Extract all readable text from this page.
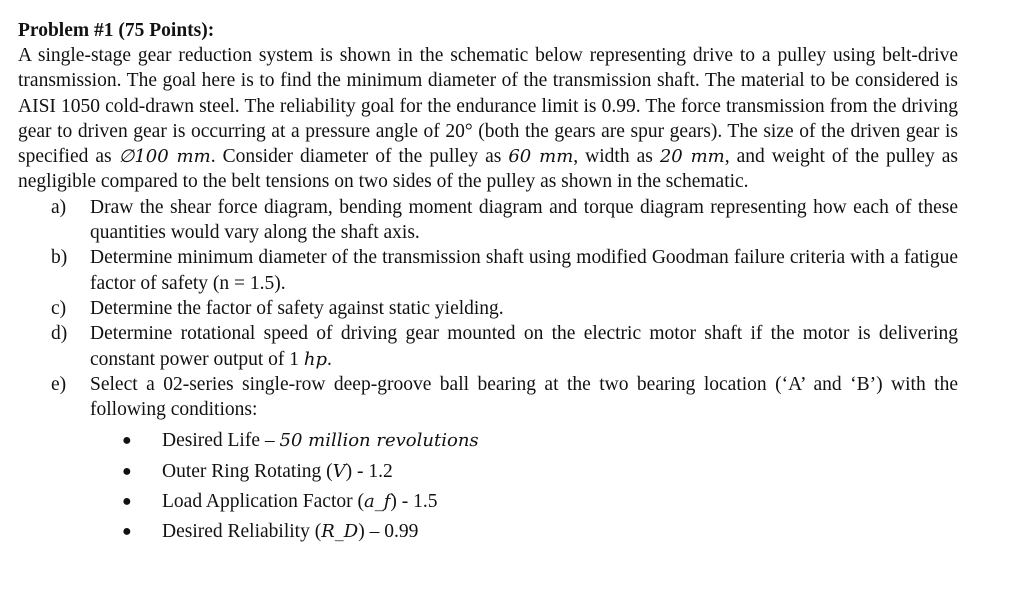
Problem #1 (75 Points):

A single-stage gear reduction system is shown in the schematic below representing drive to a pulley using belt-drive transmission. The goal here is to find the minimum diameter of the transmission shaft. The material to be considered is AISI 1050 cold-drawn steel. The reliability goal for the endurance limit is 0.99. The force transmission from the driving gear to driven gear is occurring at a pressure angle of 20° (both the gears are spur gears). The size of the driven gear is specified as ∅100 mm. Consider diameter of the pulley as 60 mm, width as 20 mm, and weight of the pulley as negligible compared to the belt tensions on two sides of the pulley as shown in the schematic.

a) Draw the shear force diagram, bending moment diagram and torque diagram representing how each of these quantities would vary along the shaft axis.
b) Determine minimum diameter of the transmission shaft using modified Goodman failure criteria with a fatigue factor of safety (n = 1.5).
c) Determine the factor of safety against static yielding.
d) Determine rotational speed of driving gear mounted on the electric motor shaft if the motor is delivering constant power output of 1 hp.
e) Select a 02-series single-row deep-groove ball bearing at the two bearing location (‘A’ and ‘B’) with the following conditions:
● Desired Life – 50 million revolutions
● Outer Ring Rotating (V) - 1.2
● Load Application Factor (a_f) - 1.5
● Desired Reliability (R_D) – 0.99
